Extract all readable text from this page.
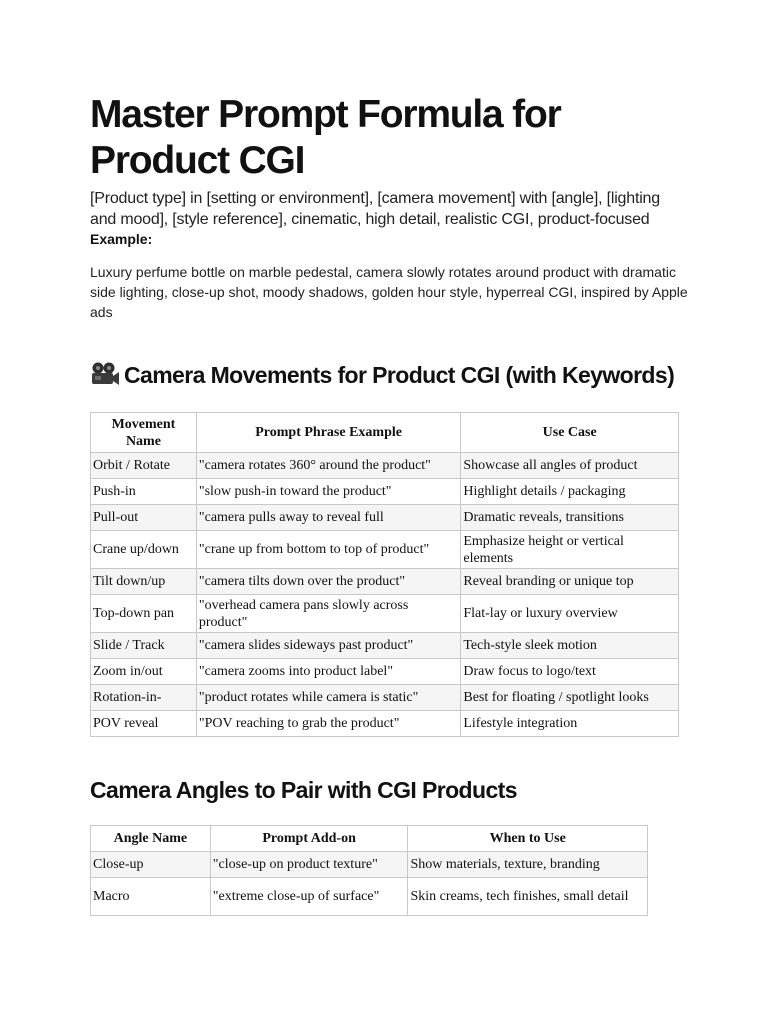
Master Prompt Formula for Product CGI

[Product type] in [setting or environment], [camera movement] with [angle], [lighting and mood], [style reference], cinematic, high detail, realistic CGI, product-focused

Example:

Luxury perfume bottle on marble pedestal, camera slowly rotates around product with dramatic side lighting, close-up shot, moody shadows, golden hour style, hyperreal CGI, inspired by Apple ads

Camera Movements for Product CGI (with Keywords)
Movement Name	Prompt Phrase Example	Use Case
Orbit / Rotate	"camera rotates 360° around the product"	Showcase all angles of product
Push-in	"slow push-in toward the product"	Highlight details / packaging
Pull-out	"camera pulls away to reveal full	Dramatic reveals, transitions
Crane up/down	"crane up from bottom to top of product"	Emphasize height or vertical elements
Tilt down/up	"camera tilts down over the product"	Reveal branding or unique top
Top-down pan	"overhead camera pans slowly across product"	Flat-lay or luxury overview
Slide / Track	"camera slides sideways past product"	Tech-style sleek motion
Zoom in/out	"camera zooms into product label"	Draw focus to logo/text
Rotation-in-	"product rotates while camera is static"	Best for floating / spotlight looks
POV reveal	"POV reaching to grab the product"	Lifestyle integration
Camera Angles to Pair with CGI Products
Angle Name	Prompt Add-on	When to Use
Close-up	"close-up on product texture"	Show materials, texture, branding
Macro	"extreme close-up of surface"	Skin creams, tech finishes, small detail
